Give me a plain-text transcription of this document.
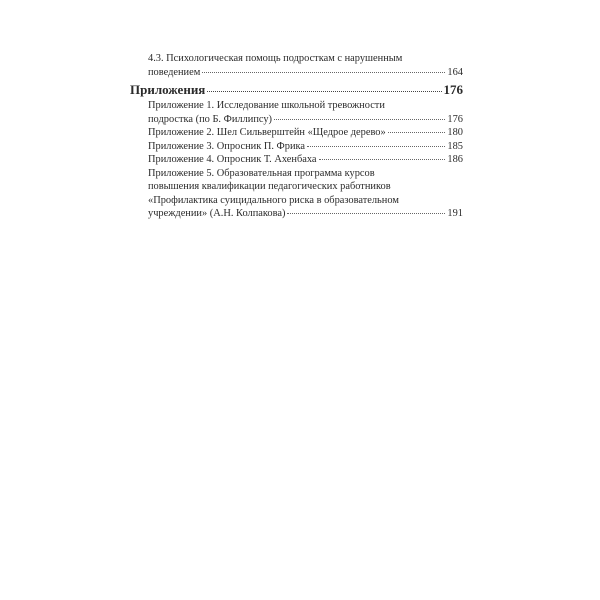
4.3. Психологическая помощь подросткам с нарушенным
поведением	164
Приложения	176
Приложение 1. Исследование школьной тревожности
подростка (по Б. Филлипсу)	176
Приложение 2. Шел Сильверштейн «Щедрое дерево»	180
Приложение 3. Опросник П. Фрика	185
Приложение 4. Опросник Т. Ахенбаха	186
Приложение 5. Образовательная программа курсов
повышения квалификации педагогических работников
«Профилактика суицидального риска в образовательном
учреждении» (А.Н. Колпакова)	191
